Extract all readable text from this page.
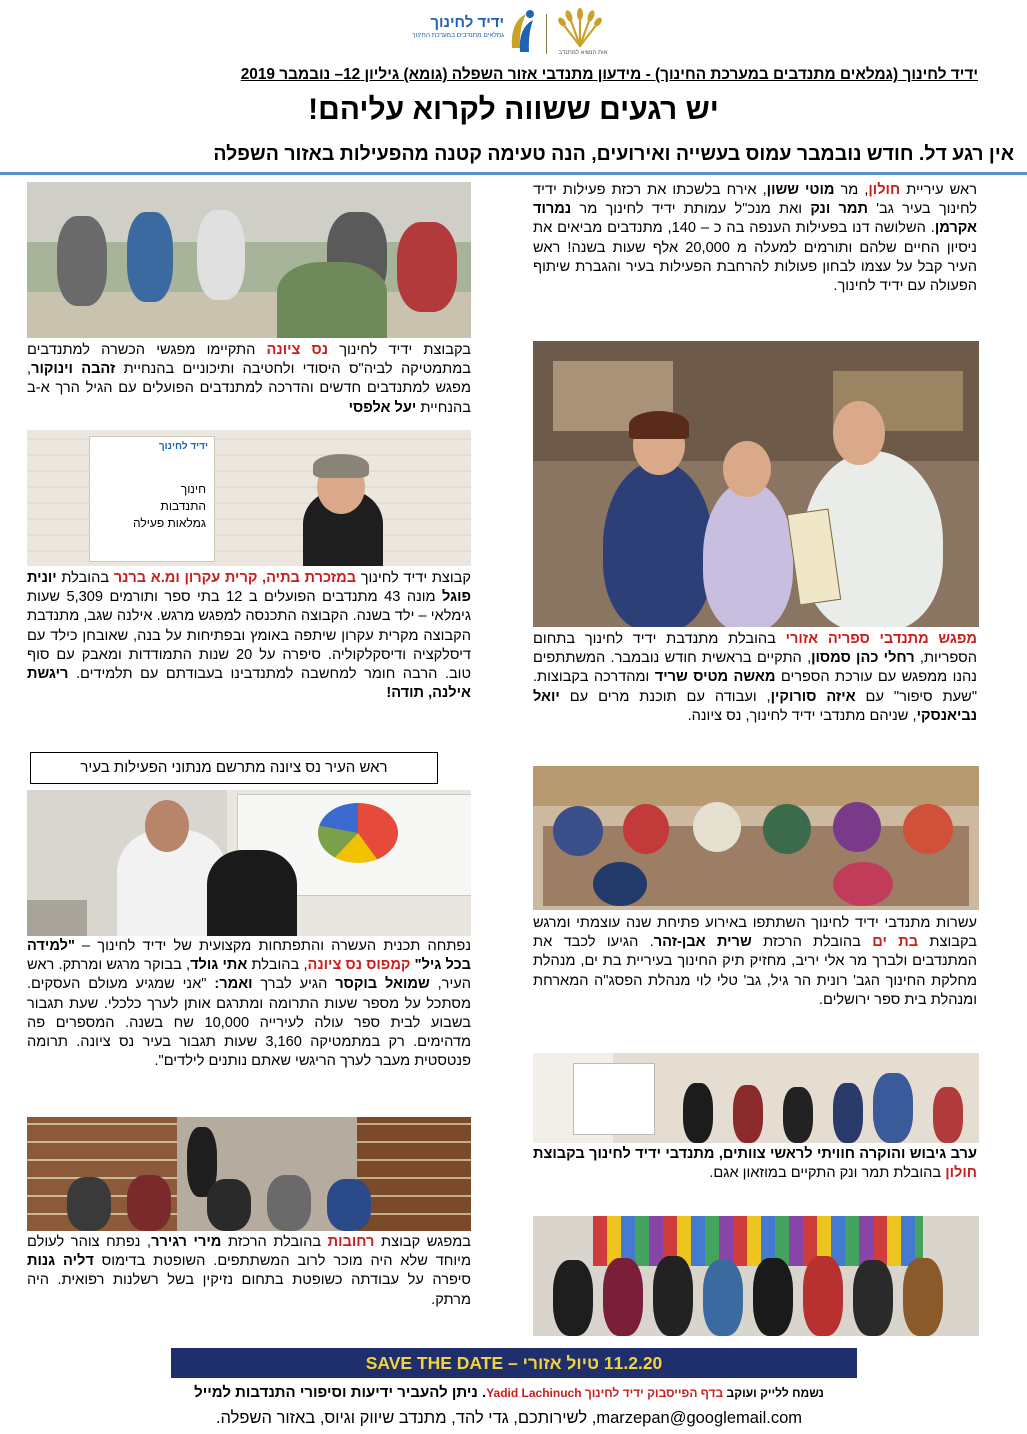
ידיד לחינוך
גמלאים מתנדבים במערכת החינוך
אות הנשיא למתנדב
ידיד לחינוך (גמלאים מתנדבים במערכת החינוך) - מידעון מתנדבי אזור השפלה (גומא) גיליון 12– נובמבר 2019
יש רגעים ששווה לקרוא עליהם!
אין רגע דל. חודש נובמבר עמוס בעשייה ואירועים, הנה טעימה קטנה מהפעילות באזור השפלה
ראש עיריית חולון, מר מוטי ששון, אירח בלשכתו את רכזת פעילות ידיד לחינוך בעיר גב' תמר ונק ואת מנכ"ל עמותת ידיד לחינוך מר נמרוד אקרמן. השלושה דנו בפעילות הענפה בה כ – 140, מתנדבים מביאים את ניסיון החיים שלהם ותורמים למעלה מ 20,000 אלף שעות בשנה! ראש העיר קבל על עצמו לבחון פעולות להרחבת הפעילות בעיר והגברת שיתוף הפעולה עם ידיד לחינוך.
מפגש מתנדבי ספריה אזורי בהובלת מתנדבת ידיד לחינוך בתחום הספריות, רחלי כהן סמסון, התקיים בראשית חודש נובמבר. המשתתפים נהנו ממפגש עם עורכת הספרים מאשה מטיס שריד ומהדרכה בקבוצות. "שעת סיפור" עם איזה סורוקין, ועבודה עם תוכנת מרים עם יואל נביאנסקי, שניהם מתנדבי ידיד לחינוך, נס ציונה.
עשרות מתנדבי ידיד לחינוך השתתפו באירוע פתיחת שנה עוצמתי ומרגש בקבוצת בת ים בהובלת הרכזת שרית אבן-זהר. הגיעו לכבד את המתנדבים ולברך מר אלי יריב, מחזיק תיק החינוך בעיריית בת ים, מנהלת מחלקת החינוך הגב' רונית הר גיל, גב' טלי לוי מנהלת הפסג"ה המארחת ומנהלת בית ספר ירושלים.
ערב גיבוש והוקרה חוויתי לראשי צוותים, מתנדבי ידיד לחינוך בקבוצת חולון בהובלת תמר ונק התקיים במוזאון אגם.
בקבוצת ידיד לחינוך נס ציונה התקיימו מפגשי הכשרה למתנדבים במתמטיקה לביה"ס היסודי ולחטיבה ותיכוניים בהנחיית זהבה וינוקור, מפגש למתנדבים חדשים והדרכה למתנדבים הפועלים עם הגיל הרך א-ב בהנחיית יעל אלפסי
ידיד לחינוך
חינוך
התנדבות
גמלאות פעילה
קבוצת ידיד לחינוך במזכרת בתיה, קרית עקרון ומ.א ברנר בהובלת יונית פוגל מונה 43 מתנדבים הפועלים ב 12 בתי ספר ותורמים 5,309 שעות גימלאי – ילד בשנה. הקבוצה התכנסה למפגש מרגש. אילנה שגב, מתנדבת הקבוצה מקרית עקרון שיתפה באומץ ובפתיחות על בנה, שאובחן כילד עם דיסלקציה ודיסקלקוליה. סיפרה על 20 שנות התמודדות ומאבק עם סוף טוב. הרבה חומר למחשבה למתנדבינו בעבודתם עם תלמידים. ריגשת אילנה, תודה!
ראש העיר נס ציונה מתרשם מנתוני הפעילות בעיר
נפתחה תכנית העשרה והתפתחות מקצועית של ידיד לחינוך – "למידה בכל גיל" קמפוס נס ציונה, בהובלת אתי גולד, בבוקר מרגש ומרתק. ראש העיר, שמואל בוקסר הגיע לברך ואמר: "אני שמגיע מעולם העסקים. מסתכל על מספר שעות התרומה ומתרגם אותן לערך כלכלי. שעת תגבור בשבוע לבית ספר עולה לעירייה 10,000 שח בשנה. המספרים פה מדהימים. רק במתמטיקה 3,160 שעות תגבור בעיר נס ציונה. תרומה פנטסטית מעבר לערך הריגשי שאתם נותנים לילדים".
במפגש קבוצת רחובות בהובלת הרכזת מירי רגירר, נפתח צוהר לעולם מיוחד שלא היה מוכר לרוב המשתתפים. השופטת בדימוס דליה גנות סיפרה על עבודתה כשופטת בתחום נזיקין בשל רשלנות רפואית. היה מרתק.
11.2.20 טיול אזורי – SAVE THE DATE
נשמח ללייק ועוקב בדף הפייסבוק ידיד לחינוך Yadid Lachinuch. ניתן להעביר ידיעות וסיפורי התנדבות למייל
marzepan@googlemail.com, לשירותכם, גדי להד, מתנדב שיווק וגיוס, באזור השפלה.
